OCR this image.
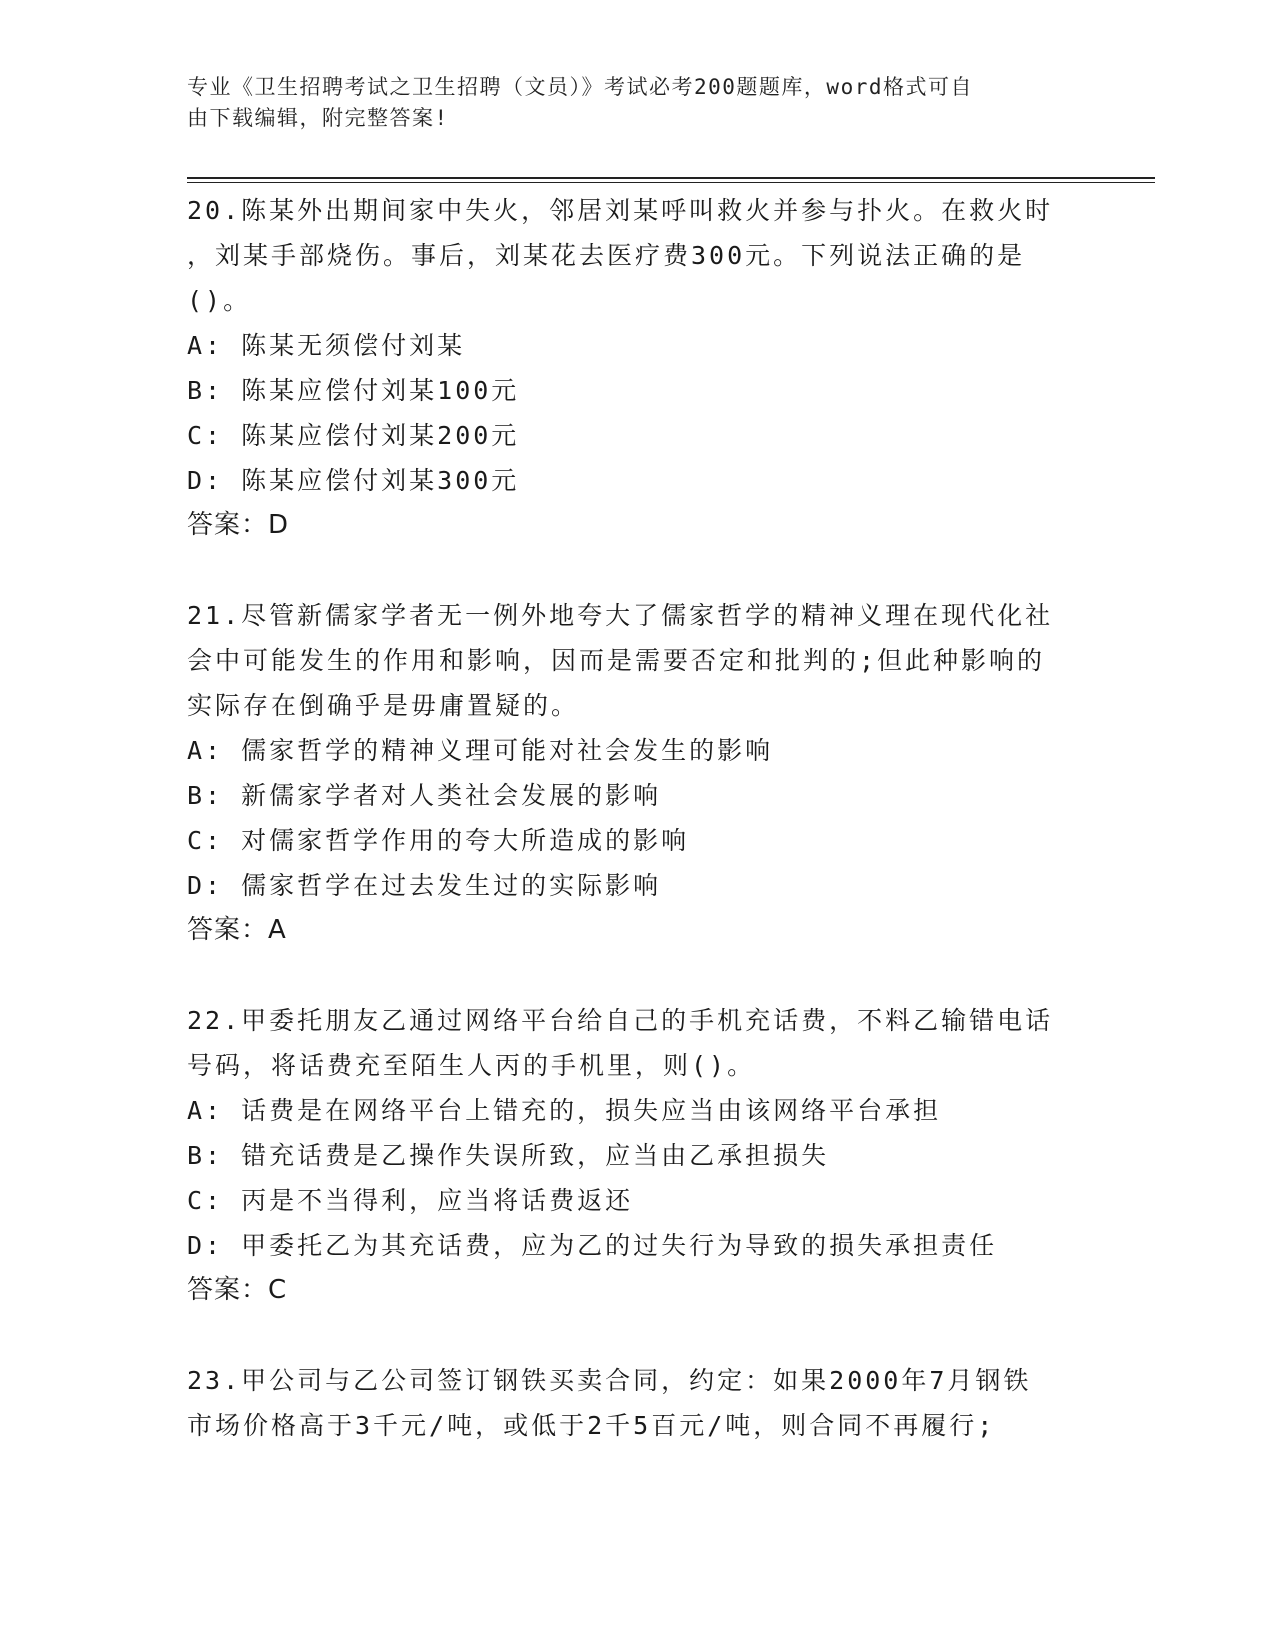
专业《卫生招聘考试之卫生招聘（文员）》考试必考200题题库，word格式可自
由下载编辑，附完整答案!

20.陈某外出期间家中失火，邻居刘某呼叫救火并参与扑火。在救火时

，刘某手部烧伤。事后，刘某花去医疗费300元。下列说法正确的是

()。

A: 陈某无须偿付刘某

B: 陈某应偿付刘某100元

C: 陈某应偿付刘某200元

D: 陈某应偿付刘某300元

答案：D

21.尽管新儒家学者无一例外地夸大了儒家哲学的精神义理在现代化社

会中可能发生的作用和影响，因而是需要否定和批判的;但此种影响的

实际存在倒确乎是毋庸置疑的。

A: 儒家哲学的精神义理可能对社会发生的影响

B: 新儒家学者对人类社会发展的影响

C: 对儒家哲学作用的夸大所造成的影响

D: 儒家哲学在过去发生过的实际影响

答案：A

22.甲委托朋友乙通过网络平台给自己的手机充话费，不料乙输错电话

号码，将话费充至陌生人丙的手机里，则()。

A: 话费是在网络平台上错充的，损失应当由该网络平台承担

B: 错充话费是乙操作失误所致，应当由乙承担损失

C: 丙是不当得利，应当将话费返还

D: 甲委托乙为其充话费，应为乙的过失行为导致的损失承担责任

答案：C

23.甲公司与乙公司签订钢铁买卖合同，约定：如果2000年7月钢铁

市场价格高于3千元/吨，或低于2千5百元/吨，则合同不再履行;
